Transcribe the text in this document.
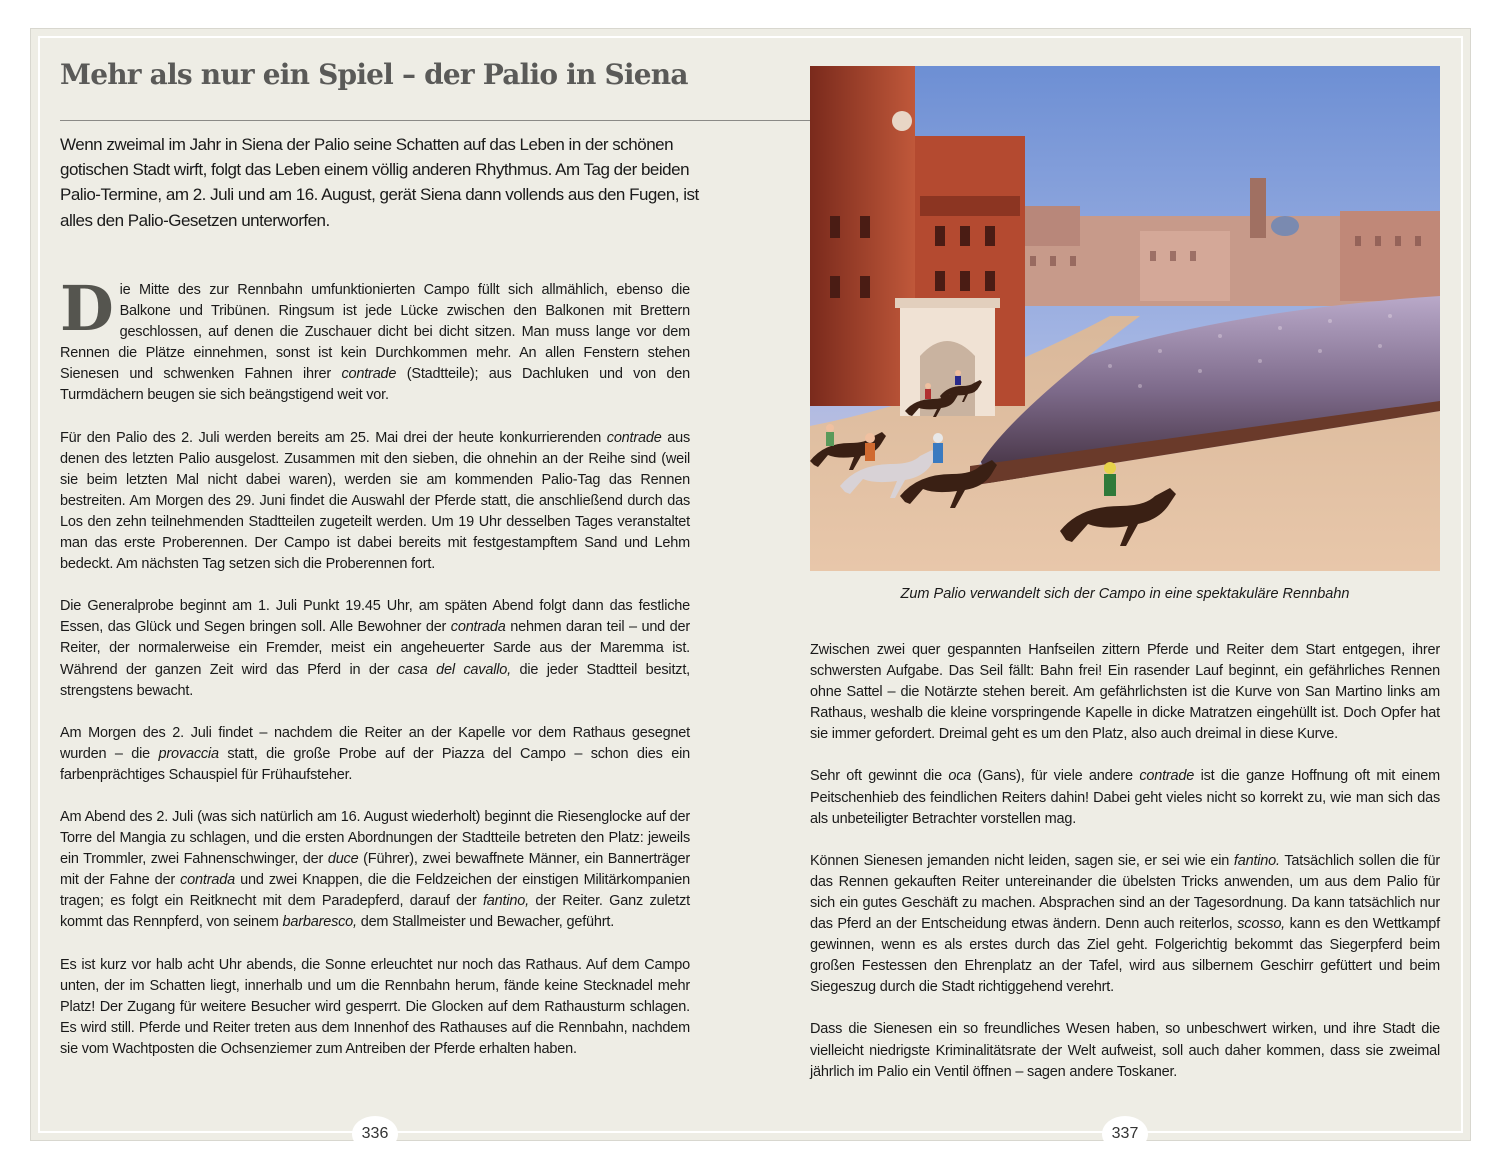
Mehr als nur ein Spiel – der Palio in Siena

Wenn zweimal im Jahr in Siena der Palio seine Schatten auf das Leben in der schönen gotischen Stadt wirft, folgt das Leben einem völlig anderen Rhythmus. Am Tag der beiden Palio-Termine, am 2. Juli und am 16. August, gerät Siena dann vollends aus den Fugen, ist alles den Palio-Gesetzen unterworfen.

Die Mitte des zur Rennbahn umfunktionierten Campo füllt sich allmählich, ebenso die Balkone und Tribünen. Ringsum ist jede Lücke zwischen den Balkonen mit Brettern geschlossen, auf denen die Zuschauer dicht bei dicht sitzen. Man muss lange vor dem Rennen die Plätze einnehmen, sonst ist kein Durchkommen mehr. An allen Fenstern stehen Sienesen und schwenken Fahnen ihrer contrade (Stadtteile); aus Dachluken und von den Turmdächern beugen sie sich beängstigend weit vor.

Für den Palio des 2. Juli werden bereits am 25. Mai drei der heute konkurrierenden contrade aus denen des letzten Palio ausgelost. Zusammen mit den sieben, die ohnehin an der Reihe sind (weil sie beim letzten Mal nicht dabei waren), werden sie am kommenden Palio-Tag das Rennen bestreiten. Am Morgen des 29. Juni findet die Auswahl der Pferde statt, die anschließend durch das Los den zehn teilnehmenden Stadtteilen zugeteilt werden. Um 19 Uhr desselben Tages veranstaltet man das erste Proberennen. Der Campo ist dabei bereits mit festgestampftem Sand und Lehm bedeckt. Am nächsten Tag setzen sich die Proberennen fort.

Die Generalprobe beginnt am 1. Juli Punkt 19.45 Uhr, am späten Abend folgt dann das festliche Essen, das Glück und Segen bringen soll. Alle Bewohner der contrada nehmen daran teil – und der Reiter, der normalerweise ein Fremder, meist ein angeheuerter Sarde aus der Maremma ist. Während der ganzen Zeit wird das Pferd in der casa del cavallo, die jeder Stadtteil besitzt, strengstens bewacht.

Am Morgen des 2. Juli findet – nachdem die Reiter an der Kapelle vor dem Rathaus gesegnet wurden – die provaccia statt, die große Probe auf der Piazza del Campo – schon dies ein farbenprächtiges Schauspiel für Frühaufsteher.

Am Abend des 2. Juli (was sich natürlich am 16. August wiederholt) beginnt die Riesenglocke auf der Torre del Mangia zu schlagen, und die ersten Abordnungen der Stadtteile betreten den Platz: jeweils ein Trommler, zwei Fahnenschwinger, der duce (Führer), zwei bewaffnete Männer, ein Bannerträger mit der Fahne der contrada und zwei Knappen, die die Feldzeichen der einstigen Militärkompanien tragen; es folgt ein Reitknecht mit dem Paradepferd, darauf der fantino, der Reiter. Ganz zuletzt kommt das Rennpferd, von seinem barbaresco, dem Stallmeister und Bewacher, geführt.

Es ist kurz vor halb acht Uhr abends, die Sonne erleuchtet nur noch das Rathaus. Auf dem Campo unten, der im Schatten liegt, innerhalb und um die Rennbahn herum, fände keine Stecknadel mehr Platz! Der Zugang für weitere Besucher wird gesperrt. Die Glocken auf dem Rathausturm schlagen. Es wird still. Pferde und Reiter treten aus dem Innenhof des Rathauses auf die Rennbahn, nachdem sie vom Wachtposten die Ochsenziemer zum Antreiben der Pferde erhalten haben.

Zum Palio verwandelt sich der Campo in eine spektakuläre Rennbahn

Zwischen zwei quer gespannten Hanfseilen zittern Pferde und Reiter dem Start entgegen, ihrer schwersten Aufgabe. Das Seil fällt: Bahn frei! Ein rasender Lauf beginnt, ein gefährliches Rennen ohne Sattel – die Notärzte stehen bereit. Am gefährlichsten ist die Kurve von San Martino links am Rathaus, weshalb die kleine vorspringende Kapelle in dicke Matratzen eingehüllt ist. Doch Opfer hat sie immer gefordert. Dreimal geht es um den Platz, also auch dreimal in diese Kurve.

Sehr oft gewinnt die oca (Gans), für viele andere contrade ist die ganze Hoffnung oft mit einem Peitschenhieb des feindlichen Reiters dahin! Dabei geht vieles nicht so korrekt zu, wie man sich das als unbeteiligter Betrachter vorstellen mag.

Können Sienesen jemanden nicht leiden, sagen sie, er sei wie ein fantino. Tatsächlich sollen die für das Rennen gekauften Reiter untereinander die übelsten Tricks anwenden, um aus dem Palio für sich ein gutes Geschäft zu machen. Absprachen sind an der Tagesordnung. Da kann tatsächlich nur das Pferd an der Entscheidung etwas ändern. Denn auch reiterlos, scosso, kann es den Wettkampf gewinnen, wenn es als erstes durch das Ziel geht. Folgerichtig bekommt das Siegerpferd beim großen Festessen den Ehrenplatz an der Tafel, wird aus silbernem Geschirr gefüttert und beim Siegeszug durch die Stadt richtiggehend verehrt.

Dass die Sienesen ein so freundliches Wesen haben, so unbeschwert wirken, und ihre Stadt die vielleicht niedrigste Kriminalitätsrate der Welt aufweist, soll auch daher kommen, dass sie zweimal jährlich im Palio ein Ventil öffnen – sagen andere Toskaner.

336	337
